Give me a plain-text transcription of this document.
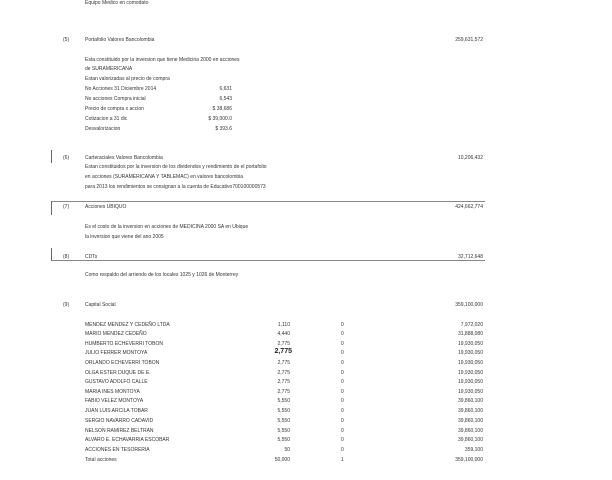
Equipo Medico en comodato
(5)	Portafolio Valores Bancolombia	259,631,572
Esta constituido por la inversion que tiene Medicina 2000 en acciones
de SURAMERICANA
Estan valorizadas al precio de compra
No Acciones 31 Diciembre 2014	6,631
No acciones Compra inicial	6,543
Precio de compra x accion	$ 38,686
Cotizacion a 31 dic	$ 39,000.0
Desvalorizacion	$ 393.6
(6)	Carteraciales Valores Bancolombia	10,206,432
Estan constituidos por la inversion de los dividendos y rendimiento de el portafolio
en acciones (SURAMERICANA Y TABLEMAC) en valores bancolombia
para 2013 los rendimientos se consignan a la cuenta de Educativo700100000573
(7)	Acciones UBIQUO	424,662,774
Es el costo de la inversion en acciones de MEDICINA 2000 SA en Ubique
la inversion que viene del ano 2005
(8)	CDTs	32,712,648
Como respaldo del arriendo de los locales 1025 y 1026 de Monterrey
(9)	Capital Social	359,100,000
MENDEZ MENDEZ Y CEDEÑO LTDA	1,110	0	7,972,020
MARIO MENDEZ CEDEÑO	4,440	0	31,888,080
HUMBERTO ECHEVERRI TOBON	2,775	0	19,930,050
JULIO FERRER MONTOYA	2,775	0	19,930,050
ORLANDO ECHEVERRI TOBON	2,775	0	19,930,050
OLGA ESTER DUQUE DE E.	2,775	0	19,930,050
GUSTAVO ADOLFO CALLE	2,775	0	19,930,050
MARIA INES MONTOYA	2,775	0	19,930,050
FABIO VELEZ MONTOYA	5,550	0	39,860,100
JUAN LUIS ARCILA TOBAR	5,550	0	39,860,100
SERGIO NAVARRO CADAVID	5,550	0	39,860,100
NELSON RAMIREZ BELTRAN	5,550	0	39,860,100
ALVARO E. ECHAVARRIA ESCOBAR	5,550	0	39,860,100
ACCIONES EN TESORERIA	50	0	359,100
Total acciones	50,000	1	359,100,000
